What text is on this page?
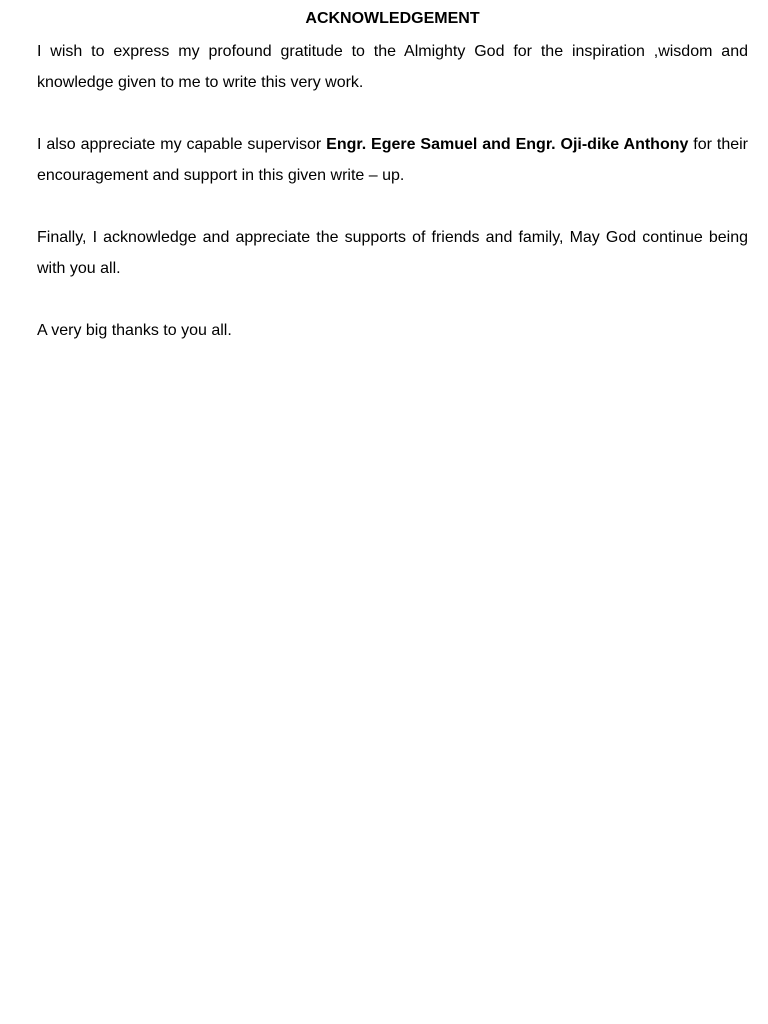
ACKNOWLEDGEMENT

I wish to express my profound gratitude to the Almighty God for the inspiration ,wisdom and knowledge given to me to write this very work.

I also appreciate my capable supervisor Engr. Egere Samuel and Engr. Oji-dike Anthony for their encouragement and support in this given write – up.

Finally, I acknowledge and appreciate the supports of friends and family, May God continue being with you all.

A very big thanks to you all.
